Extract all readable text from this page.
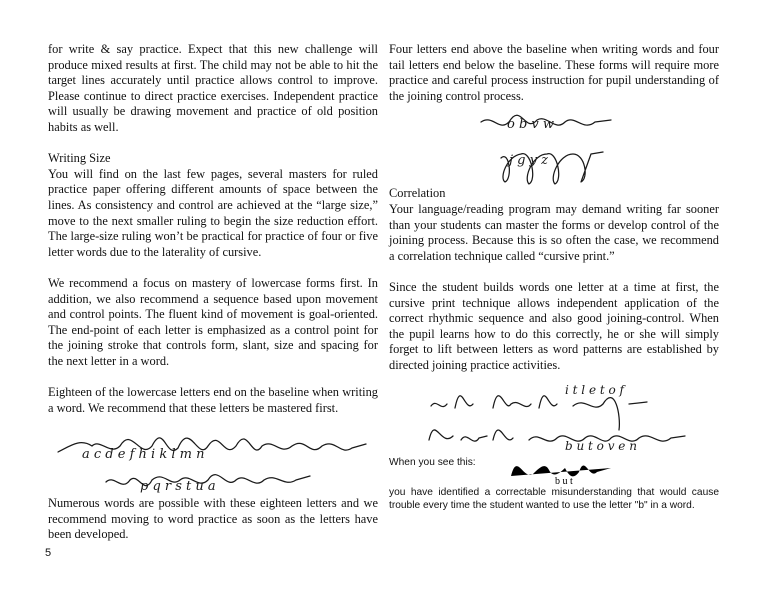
for write & say practice. Expect that this new challenge will produce mixed results at first. The child may not be able to hit the target lines accurately until practice allows control to improve. Please continue to direct practice exercises. Independent practice will usually be drawing movement and practice of old position habits as well.

Writing Size

You will find on the last few pages, several masters for ruled practice paper offering different amounts of space between the lines. As consistency and control are achieved at the “large size,” move to the next smaller ruling to begin the size reduction effort. The large-size ruling won’t be practical for practice of four or five letter words due to the laterality of cursive.

We recommend a focus on mastery of lowercase forms first. In addition, we also recommend a sequence based upon movement and control points. The fluent kind of movement is goal-oriented. The end-point of each letter is emphasized as a control point for the joining stroke that controls form, slant, size and spacing for the next letter in a word.

Eighteen of the lowercase letters end on the baseline when writing a word. We recommend that these letters be mastered first.

a c d e f h i k l m n
p q r s t u a

Numerous words are possible with these eighteen letters and we recommend moving to word practice as soon as the letters have been developed.

Four letters end above the baseline when writing words and four tail letters end below the baseline. These forms will require more practice and careful process instruction for pupil understanding of the joining control process.

o b v w
j g y z

Correlation

Your language/reading program may demand writing far sooner than your students can master the forms or develop control of the joining process. Because this is so often the case, we recommend a correlation technique called “cursive print.”

Since the student builds words one letter at a time at first, the cursive print technique allows independent application of the correct rhythmic sequence and also good joining-control. When the pupil learns how to do this correctly, he or she will simply forget to lift between letters as word patterns are established by directed joining practice activities.

i t l e t o f
b u t o v e n
When you see this:
b u t

you have identified a correctable misunderstanding that would cause trouble every time the student wanted to use the letter "b" in a word.

5
